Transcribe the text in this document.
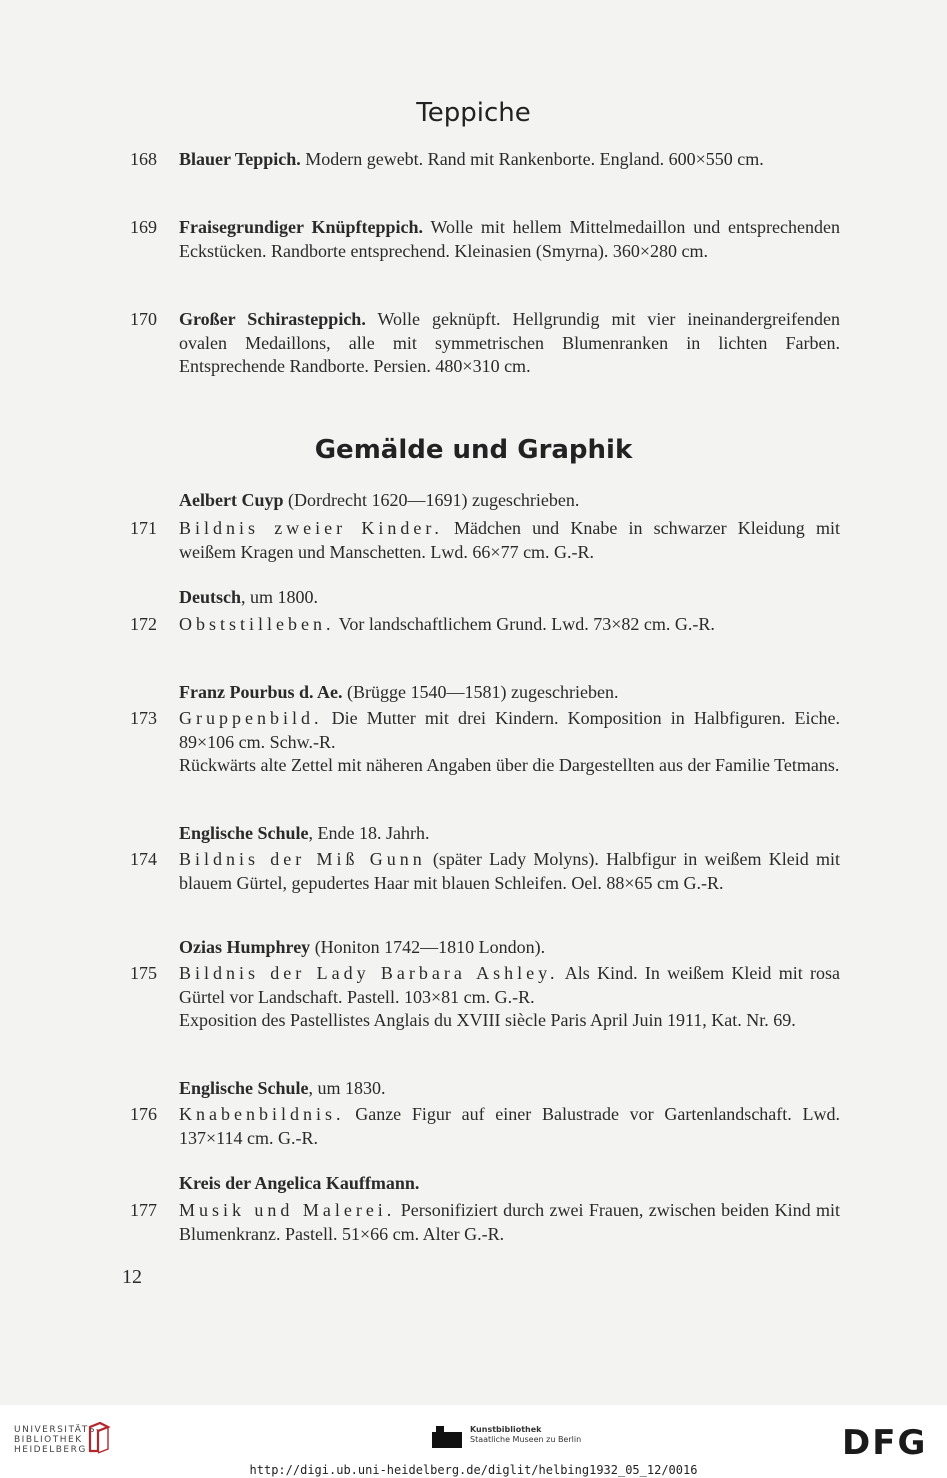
Teppiche
168	Blauer Teppich. Modern gewebt. Rand mit Rankenborte. England. 600×550 cm.
169	Fraisegrundiger Knüpfteppich. Wolle mit hellem Mittelmedaillon und entsprechenden Eckstücken. Randborte entsprechend. Kleinasien (Smyrna). 360×280 cm.
170	Großer Schirasteppich. Wolle geknüpft. Hellgrundig mit vier ineinandergreifenden ovalen Medaillons, alle mit symmetrischen Blumenranken in lichten Farben. Entsprechende Randborte. Persien. 480×310 cm.
Gemälde und Graphik
Aelbert Cuyp (Dordrecht 1620—1691) zugeschrieben.
171	Bildnis zweier Kinder. Mädchen und Knabe in schwarzer Kleidung mit weißem Kragen und Manschetten. Lwd. 66×77 cm. G.-R.
Deutsch, um 1800.
172	Obststilleben. Vor landschaftlichem Grund. Lwd. 73×82 cm. G.-R.
Franz Pourbus d. Ae. (Brügge 1540—1581) zugeschrieben.
173	Gruppenbild. Die Mutter mit drei Kindern. Komposition in Halbfiguren. Eiche. 89×106 cm. Schw.-R.
Rückwärts alte Zettel mit näheren Angaben über die Dargestellten aus der Familie Tetmans.
Englische Schule, Ende 18. Jahrh.
174	Bildnis der Miß Gunn (später Lady Molyns). Halbfigur in weißem Kleid mit blauem Gürtel, gepudertes Haar mit blauen Schleifen. Oel. 88×65 cm G.-R.
Ozias Humphrey (Honiton 1742—1810 London).
175	Bildnis der Lady Barbara Ashley. Als Kind. In weißem Kleid mit rosa Gürtel vor Landschaft. Pastell. 103×81 cm. G.-R.
Exposition des Pastellistes Anglais du XVIII siècle Paris April Juin 1911, Kat. Nr. 69.
Englische Schule, um 1830.
176	Knabenbildnis. Ganze Figur auf einer Balustrade vor Gartenlandschaft. Lwd. 137×114 cm. G.-R.
Kreis der Angelica Kauffmann.
177	Musik und Malerei. Personifiziert durch zwei Frauen, zwischen beiden Kind mit Blumenkranz. Pastell. 51×66 cm. Alter G.-R.
12
UNIVERSITÄTS-
BIBLIOTHEK
HEIDELBERG
Kunstbibliothek
Staatliche Museen zu Berlin	DFG
http://digi.ub.uni-heidelberg.de/diglit/helbing1932_05_12/0016
